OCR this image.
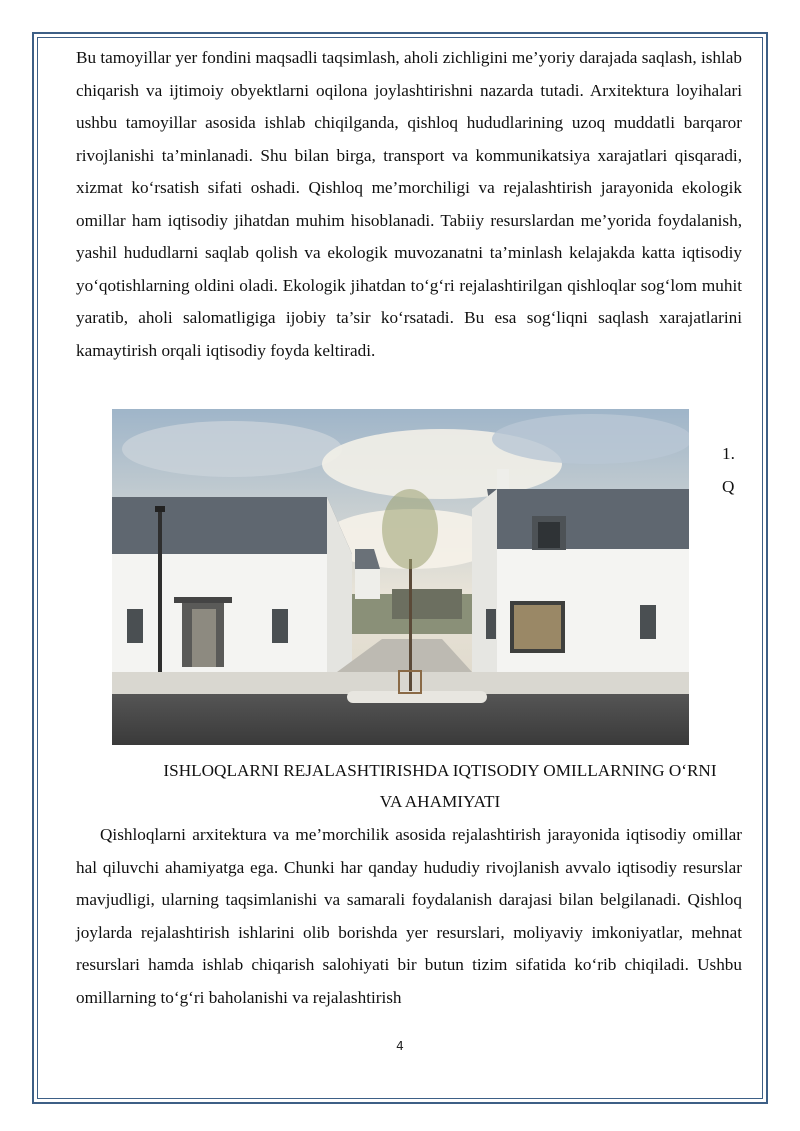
Bu tamoyillar yer fondini maqsadli taqsimlash, aholi zichligini me’yoriy darajada saqlash, ishlab chiqarish va ijtimoiy obyektlarni oqilona joylashtirishni nazarda tutadi. Arxitektura loyihalari ushbu tamoyillar asosida ishlab chiqilganda, qishloq hududlarining uzoq muddatli barqaror rivojlanishi ta’minlanadi. Shu bilan birga, transport va kommunikatsiya xarajatlari qisqaradi, xizmat ko‘rsatish sifati oshadi. Qishloq me’morchiligi va rejalashtirish jarayonida ekologik omillar ham iqtisodiy jihatdan muhim hisoblanadi. Tabiiy resurslardan me’yorida foydalanish, yashil hududlarni saqlab qolish va ekologik muvozanatni ta’minlash kelajakda katta iqtisodiy yo‘qotishlarning oldini oladi. Ekologik jihatdan to‘g‘ri rejalashtirilgan qishloqlar sog‘lom muhit yaratib, aholi salomatligiga ijobiy ta’sir ko‘rsatadi. Bu esa sog‘liqni saqlash xarajatlarini kamaytirish orqali iqtisodiy foyda keltiradi.

1.
Q
ISHLOQLARNI REJALASHTIRISHDA IQTISODIY OMILLARNING O‘RNI
VA AHAMIYATI

Qishloqlarni arxitektura va me’morchilik asosida rejalashtirish jarayonida iqtisodiy omillar hal qiluvchi ahamiyatga ega. Chunki har qanday hududiy rivojlanish avvalo iqtisodiy resurslar mavjudligi, ularning taqsimlanishi va samarali foydalanish darajasi bilan belgilanadi. Qishloq joylarda rejalashtirish ishlarini olib borishda yer resurslari, moliyaviy imkoniyatlar, mehnat resurslari hamda ishlab chiqarish salohiyati bir butun tizim sifatida ko‘rib chiqiladi. Ushbu omillarning to‘g‘ri baholanishi va rejalashtirish

4
